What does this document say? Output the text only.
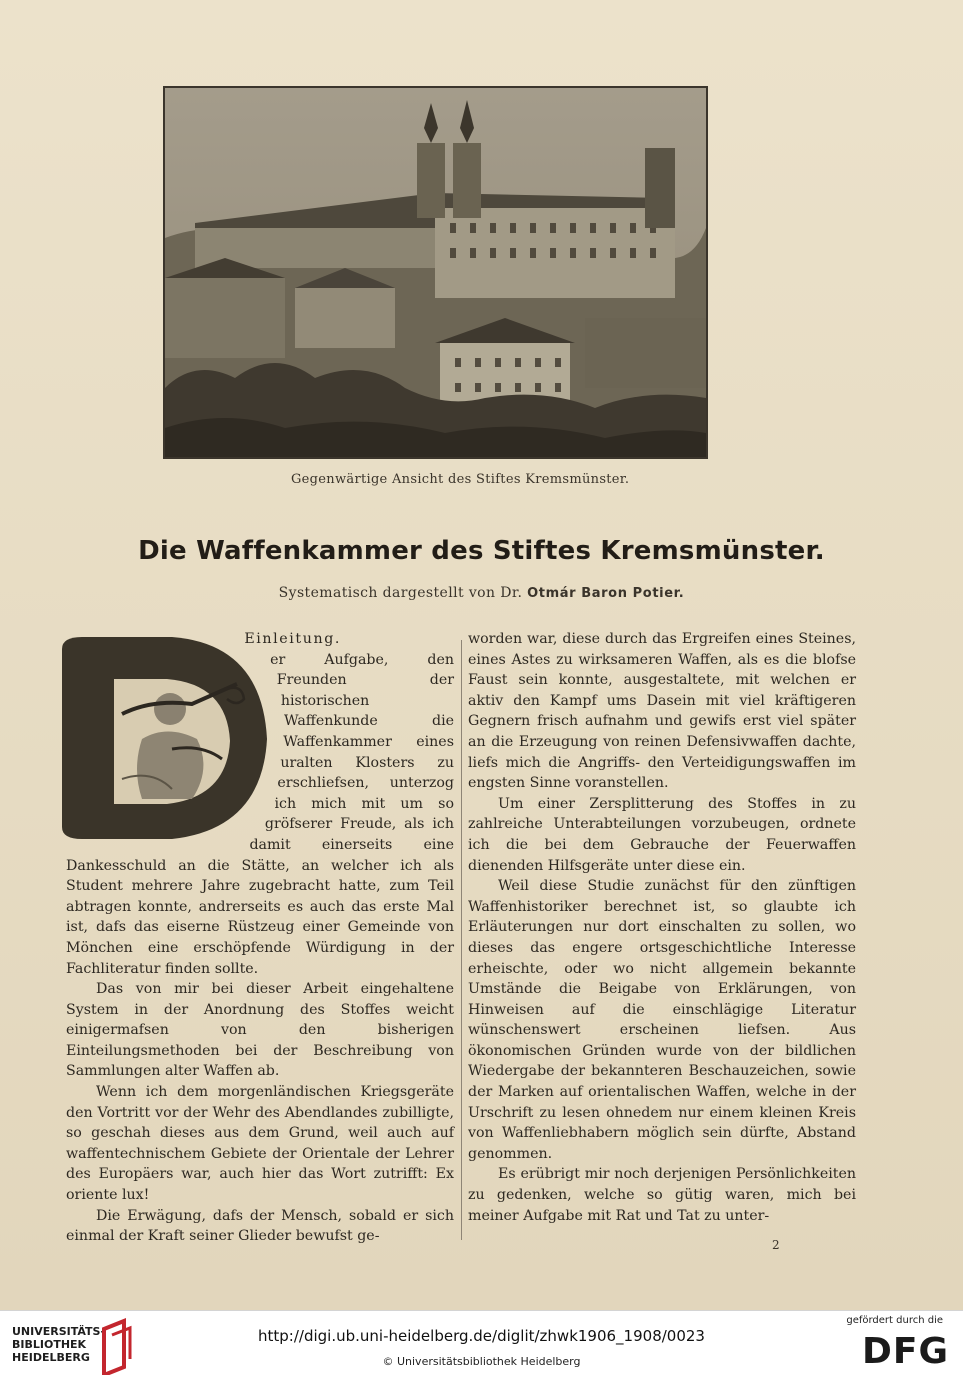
Gegenwärtige Ansicht des Stiftes Kremsmünster.
Die Waffenkammer des Stiftes Kremsmünster.
Systematisch dargestellt von Dr. Otmár Baron Potier.

Einleitung.

er Aufgabe, den Freunden der historischen Waffenkunde die Waffenkammer eines uralten Klosters zu erschliefsen, unterzog ich mich mit um so gröfserer Freude, als ich damit einerseits eine Dankesschuld an die Stätte, an welcher ich als Student mehrere Jahre zugebracht hatte, zum Teil abtragen konnte, andrerseits es auch das erste Mal ist, dafs das eiserne Rüstzeug einer Gemeinde von Mönchen eine erschöpfende Würdigung in der Fachliteratur finden sollte.

Das von mir bei dieser Arbeit eingehaltene System in der Anordnung des Stoffes weicht einigermafsen von den bisherigen Einteilungsmethoden bei der Beschreibung von Sammlungen alter Waffen ab.

Wenn ich dem morgenländischen Kriegsgeräte den Vortritt vor der Wehr des Abendlandes zubilligte, so geschah dieses aus dem Grund, weil auch auf waffentechnischem Gebiete der Orientale der Lehrer des Europäers war, auch hier das Wort zutrifft: Ex oriente lux!

Die Erwägung, dafs der Mensch, sobald er sich einmal der Kraft seiner Glieder bewufst ge-

worden war, diese durch das Ergreifen eines Steines, eines Astes zu wirksameren Waffen, als es die blofse Faust sein konnte, ausgestaltete, mit welchen er aktiv den Kampf ums Dasein mit viel kräftigeren Gegnern frisch aufnahm und gewifs erst viel später an die Erzeugung von reinen Defensivwaffen dachte, liefs mich die Angriffs- den Verteidigungswaffen im engsten Sinne voranstellen.

Um einer Zersplitterung des Stoffes in zu zahlreiche Unterabteilungen vorzubeugen, ordnete ich die bei dem Gebrauche der Feuerwaffen dienenden Hilfsgeräte unter diese ein.

Weil diese Studie zunächst für den zünftigen Waffenhistoriker berechnet ist, so glaubte ich Erläuterungen nur dort einschalten zu sollen, wo dieses das engere ortsgeschichtliche Interesse erheischte, oder wo nicht allgemein bekannte Umstände die Beigabe von Erklärungen, von Hinweisen auf die einschlägige Literatur wünschenswert erscheinen liefsen. Aus ökonomischen Gründen wurde von der bildlichen Wiedergabe der bekannteren Beschauzeichen, sowie der Marken auf orientalischen Waffen, welche in der Urschrift zu lesen ohnedem nur einem kleinen Kreis von Waffenliebhabern möglich sein dürfte, Abstand genommen.

Es erübrigt mir noch derjenigen Persönlichkeiten zu gedenken, welche so gütig waren, mich bei meiner Aufgabe mit Rat und Tat zu unter-

2
UNIVERSITÄTS-
BIBLIOTHEK
HEIDELBERG
http://digi.ub.uni-heidelberg.de/diglit/zhwk1906_1908/0023
© Universitätsbibliothek Heidelberg
gefördert durch die
DFG
